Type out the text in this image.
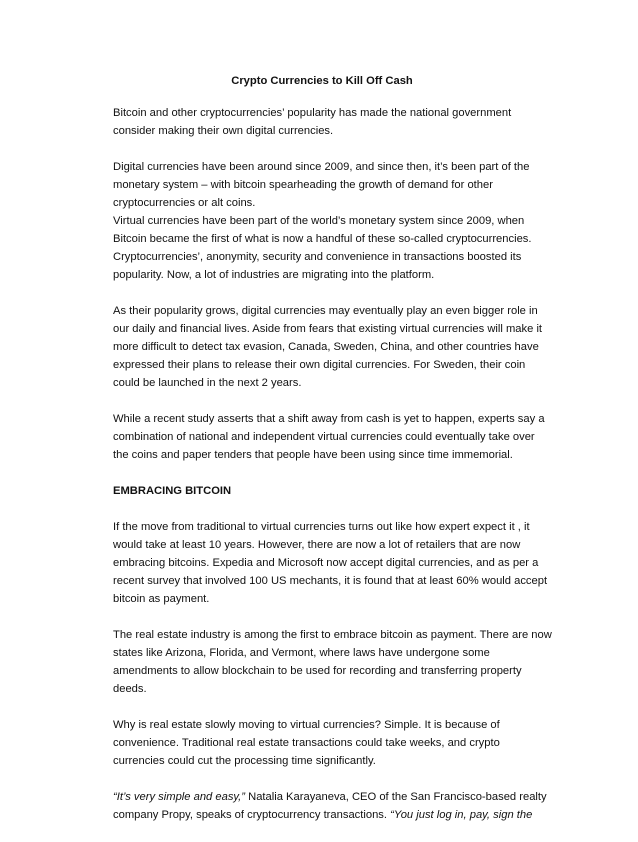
Crypto Currencies to Kill Off Cash

Bitcoin and other cryptocurrencies’ popularity has made the national government consider making their own digital currencies.

Digital currencies have been around since 2009, and since then, it’s been part of the monetary system – with bitcoin spearheading the growth of demand for other cryptocurrencies or alt coins.

Virtual currencies have been part of the world’s monetary system since 2009, when Bitcoin became the first of what is now a handful of these so-called cryptocurrencies. Cryptocurrencies’, anonymity, security and convenience in transactions boosted its popularity. Now, a lot of industries are migrating into the platform.

As their popularity grows, digital currencies may eventually play an even bigger role in our daily and financial lives. Aside from fears that existing virtual currencies will make it more difficult to detect tax evasion, Canada, Sweden, China, and other countries have expressed their plans to release their own digital currencies. For Sweden, their coin could be launched in the next 2 years.

While a recent study asserts that a shift away from cash is yet to happen, experts say a combination of national and independent virtual currencies could eventually take over the coins and paper tenders that people have been using since time immemorial.

EMBRACING BITCOIN

If the move from traditional to virtual currencies turns out like how expert expect it , it would take at least 10 years. However, there are now a lot of retailers that are now embracing bitcoins. Expedia and Microsoft now accept digital currencies, and as per a recent survey that involved 100 US mechants, it is found that at least 60% would accept bitcoin as payment.

The real estate industry is among the first to embrace bitcoin as payment. There are now states like Arizona, Florida, and Vermont, where laws have undergone some amendments to allow blockchain to be used for recording and transferring property deeds.

Why is real estate slowly moving to virtual currencies? Simple. It is because of convenience. Traditional real estate transactions could take weeks, and crypto currencies could cut the processing time significantly.

“It’s very simple and easy,” Natalia Karayaneva, CEO of the San Francisco-based realty company Propy, speaks of cryptocurrency transactions. “You just log in, pay, sign the
